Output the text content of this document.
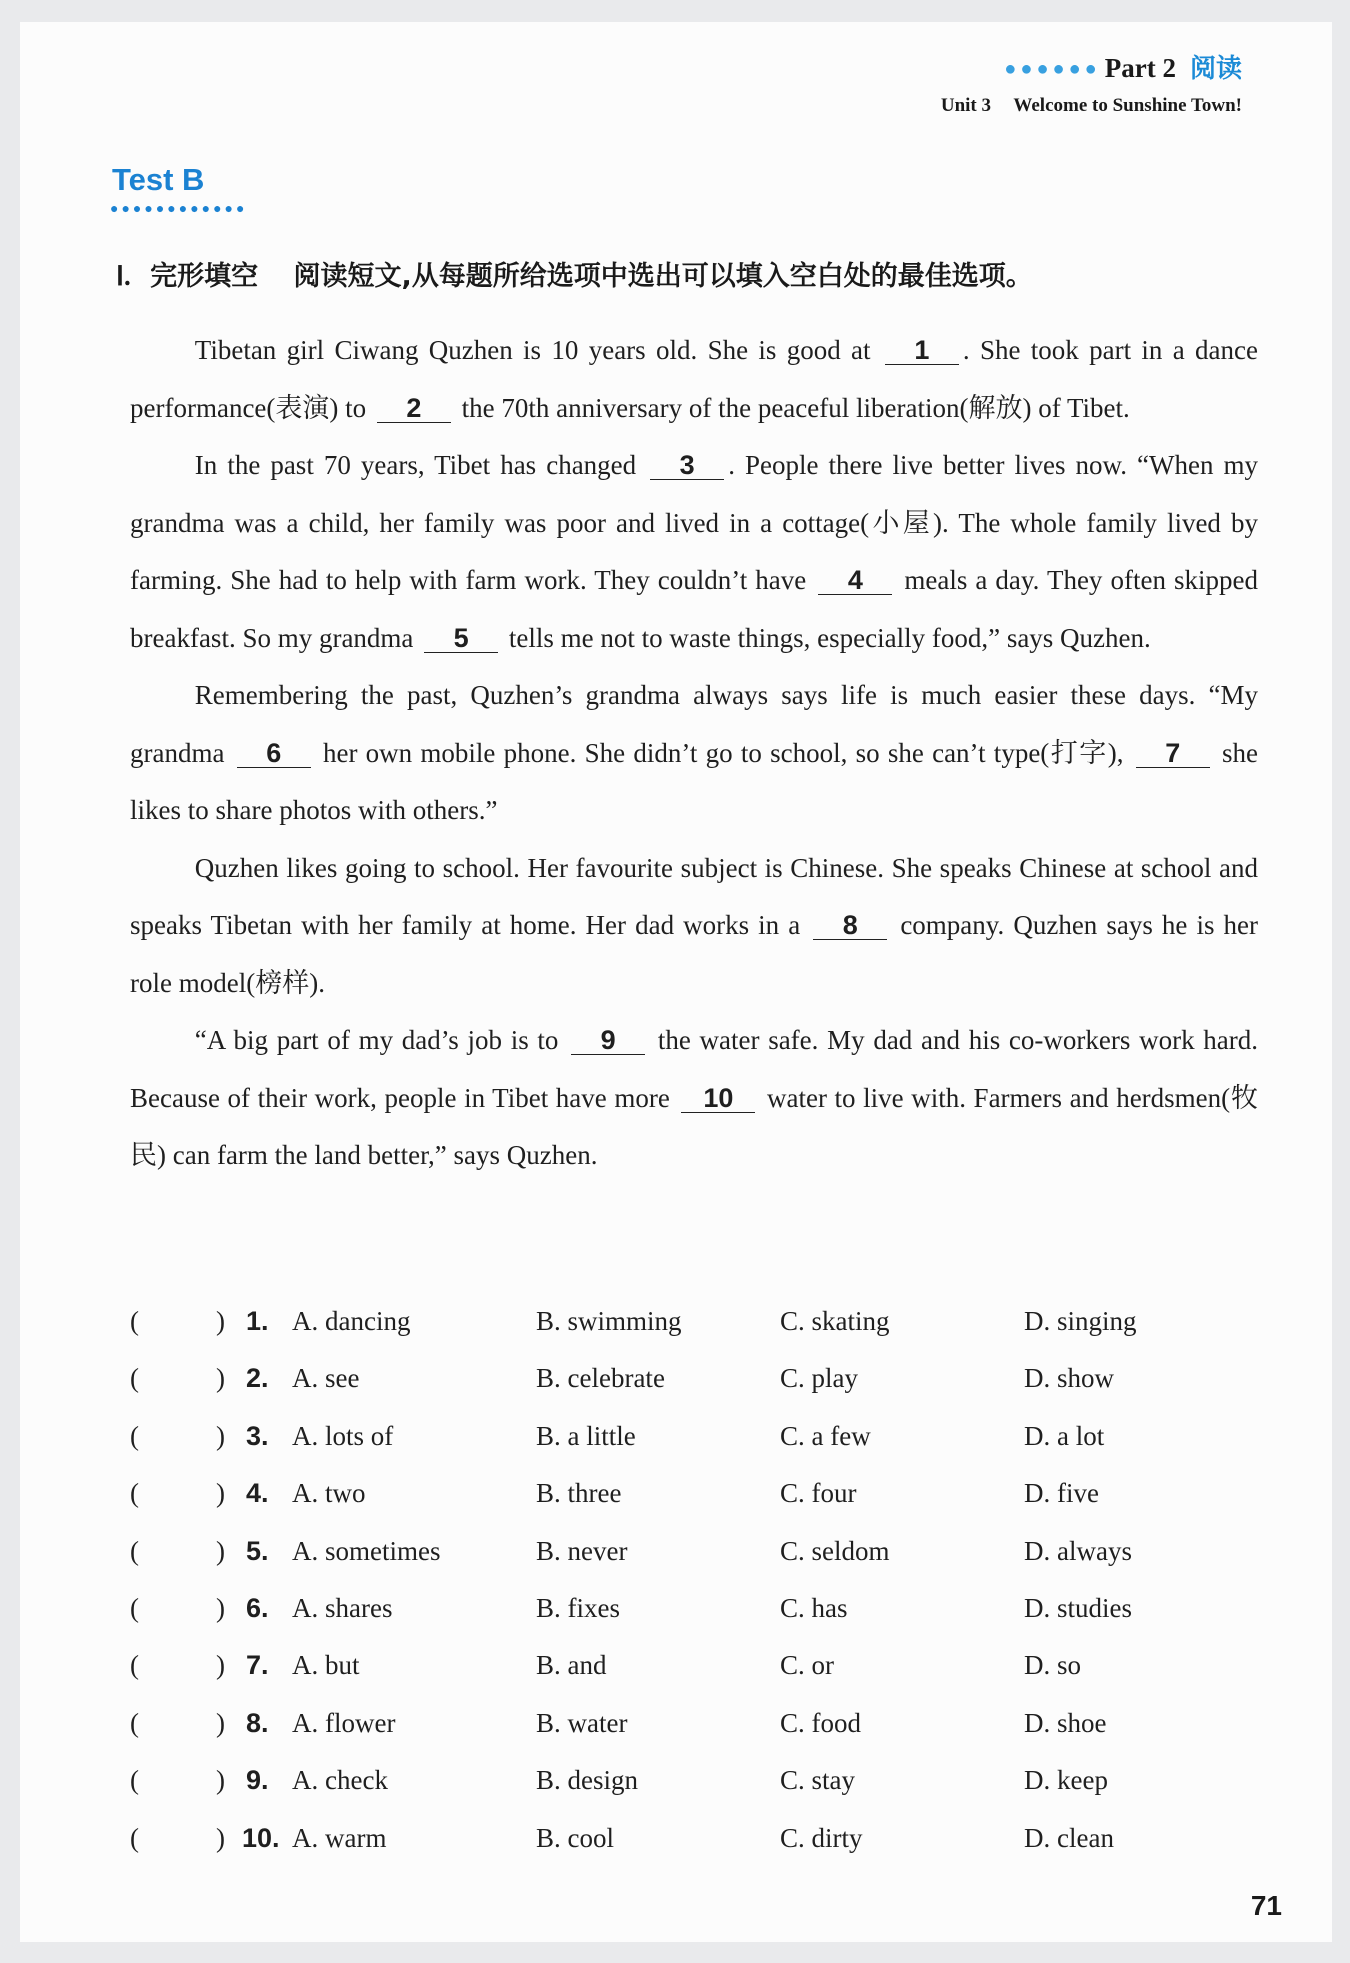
●●●●●● Part 2 阅读
Unit 3 Welcome to Sunshine Town!
Test B
●●●●●●●●●●●●
Ⅰ. 完形填空 阅读短文,从每题所给选项中选出可以填入空白处的最佳选项。

Tibetan girl Ciwang Quzhen is 10 years old. She is good at 1 . She took part in a dance performance(表演) to 2 the 70th anniversary of the peaceful liberation(解放) of Tibet.

In the past 70 years, Tibet has changed 3 . People there live better lives now. “When my grandma was a child, her family was poor and lived in a cottage(小屋). The whole family lived by farming. She had to help with farm work. They couldn’t have 4 meals a day. They often skipped breakfast. So my grandma 5 tells me not to waste things, especially food,” says Quzhen.

Remembering the past, Quzhen’s grandma always says life is much easier these days. “My grandma 6 her own mobile phone. She didn’t go to school, so she can’t type(打字), 7 she likes to share photos with others.”

Quzhen likes going to school. Her favourite subject is Chinese. She speaks Chinese at school and speaks Tibetan with her family at home. Her dad works in a 8 company. Quzhen says he is her role model(榜样).

“A big part of my dad’s job is to 9 the water safe. My dad and his co-workers work hard. Because of their work, people in Tibet have more 10 water to live with. Farmers and herdsmen(牧民) can farm the land better,” says Quzhen.

(	) 1. A. dancing	B. swimming	C. skating	D. singing
(	) 2. A. see	B. celebrate	C. play	D. show
(	) 3. A. lots of	B. a little	C. a few	D. a lot
(	) 4. A. two	B. three	C. four	D. five
(	) 5. A. sometimes	B. never	C. seldom	D. always
(	) 6. A. shares	B. fixes	C. has	D. studies
(	) 7. A. but	B. and	C. or	D. so
(	) 8. A. flower	B. water	C. food	D. shoe
(	) 9. A. check	B. design	C. stay	D. keep
(	) 10. A. warm	B. cool	C. dirty	D. clean
71
